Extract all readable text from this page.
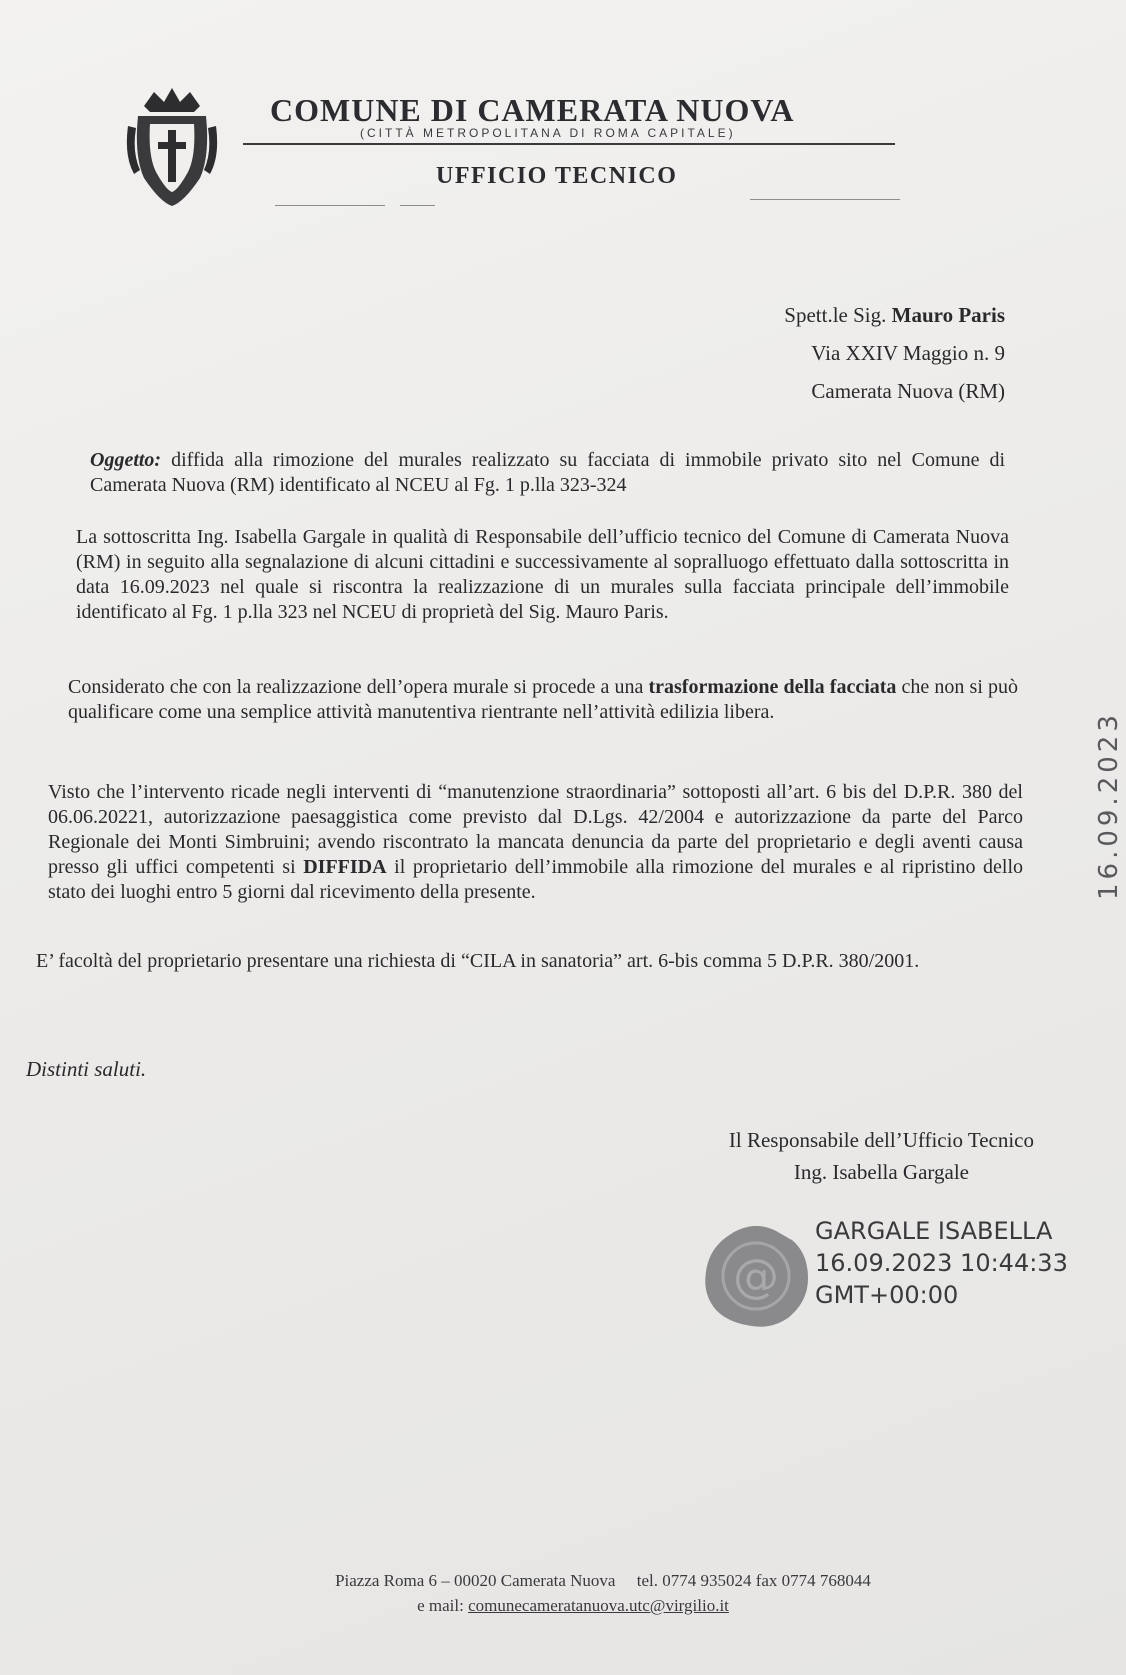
COMUNE DI CAMERATA NUOVA
(CITTÀ METROPOLITANA DI ROMA CAPITALE)
UFFICIO TECNICO
Spett.le Sig. Mauro Paris
Via XXIV Maggio n. 9
Camerata Nuova (RM)
Oggetto: diffida alla rimozione del murales realizzato su facciata di immobile privato sito nel Comune di Camerata Nuova (RM) identificato al NCEU al Fg. 1 p.lla 323-324
La sottoscritta Ing. Isabella Gargale in qualità di Responsabile dell’ufficio tecnico del Comune di Camerata Nuova (RM) in seguito alla segnalazione di alcuni cittadini e successivamente al sopralluogo effettuato dalla sottoscritta in data 16.09.2023 nel quale si riscontra la realizzazione di un murales sulla facciata principale dell’immobile identificato al Fg. 1 p.lla 323 nel NCEU di proprietà del Sig. Mauro Paris.
Considerato che con la realizzazione dell’opera murale si procede a una trasformazione della facciata che non si può qualificare come una semplice attività manutentiva rientrante nell’attività edilizia libera.
Visto che l’intervento ricade negli interventi di “manutenzione straordinaria” sottoposti all’art. 6 bis del D.P.R. 380 del 06.06.20221, autorizzazione paesaggistica come previsto dal D.Lgs. 42/2004 e autorizzazione da parte del Parco Regionale dei Monti Simbruini; avendo riscontrato la mancata denuncia da parte del proprietario e degli aventi causa presso gli uffici competenti si DIFFIDA il proprietario dell’immobile alla rimozione del murales e al ripristino dello stato dei luoghi entro 5 giorni dal ricevimento della presente.
E’ facoltà del proprietario presentare una richiesta di “CILA in sanatoria” art. 6-bis comma 5 D.P.R. 380/2001.
Distinti saluti.
Il Responsabile dell’Ufficio Tecnico
Ing. Isabella Gargale
@
GARGALE ISABELLA
16.09.2023 10:44:33
GMT+00:00
16.09.2023
Piazza Roma 6 – 00020 Camerata Nuova tel. 0774 935024 fax 0774 768044
e mail: comunecameratanuova.utc@virgilio.it
